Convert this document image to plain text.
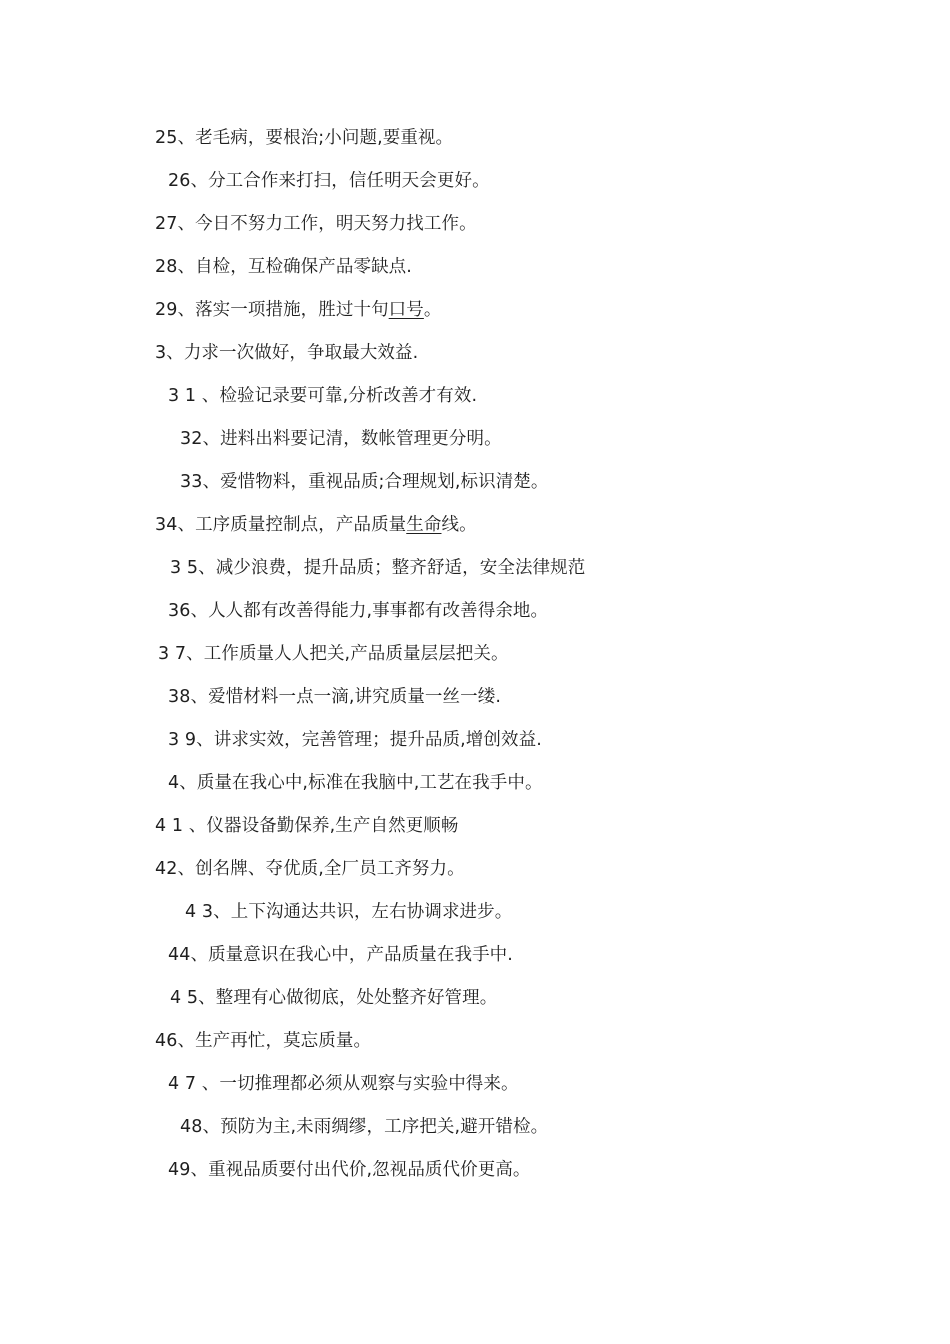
25、老毛病，要根治;小问题,要重视。
26、分工合作来打扫，信任明天会更好。
27、今日不努力工作，明天努力找工作。
28、自检，互检确保产品零缺点.
29、落实一项措施，胜过十句口号。
3、力求一次做好，争取最大效益.
3 1 、检验记录要可靠,分析改善才有效.
32、进料出料要记清，数帐管理更分明。
33、爱惜物料，重视品质;合理规划,标识清楚。
34、工序质量控制点，产品质量生命线。
3 5、减少浪费，提升品质；整齐舒适，安全法律规范
36、人人都有改善得能力,事事都有改善得余地。
3 7、工作质量人人把关,产品质量层层把关。
38、爱惜材料一点一滴,讲究质量一丝一缕.
3 9、讲求实效，完善管理；提升品质,增创效益.
4、质量在我心中,标准在我脑中,工艺在我手中。
4 1 、仪器设备勤保养,生产自然更顺畅
42、创名牌、夺优质,全厂员工齐努力。
4 3、上下沟通达共识，左右协调求进步。
44、质量意识在我心中，产品质量在我手中.
4 5、整理有心做彻底，处处整齐好管理。
46、生产再忙，莫忘质量。
4 7 、一切推理都必须从观察与实验中得来。
48、预防为主,未雨绸缪，工序把关,避开错检。
49、重视品质要付出代价,忽视品质代价更高。
